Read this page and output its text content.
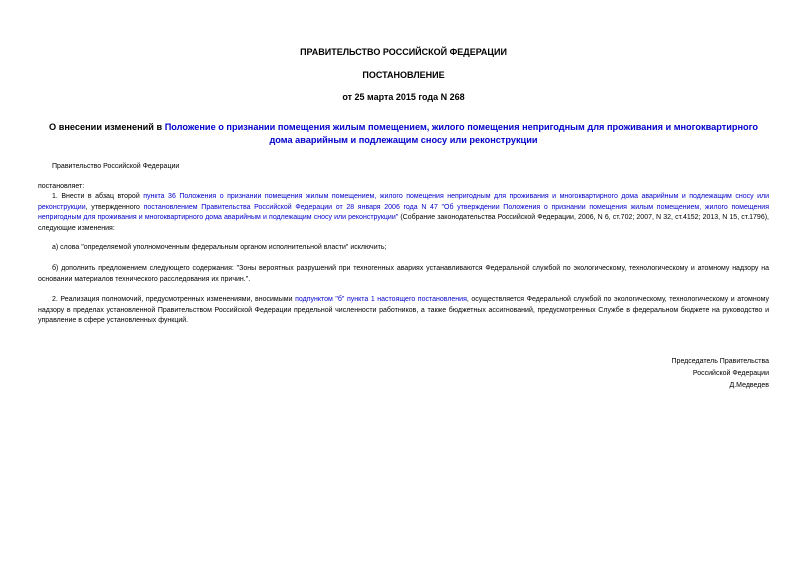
ПРАВИТЕЛЬСТВО РОССИЙСКОЙ ФЕДЕРАЦИИ
ПОСТАНОВЛЕНИЕ
от 25 марта 2015 года N 268
О внесении изменений в Положение о признании помещения жилым помещением, жилого помещения непригодным для проживания и многоквартирного дома аварийным и подлежащим сносу или реконструкции
Правительство Российской Федерации
постановляет:
1. Внести в абзац второй пункта 36 Положения о признании помещения жилым помещением, жилого помещения непригодным для проживания и многоквартирного дома аварийным и подлежащим сносу или реконструкции, утвержденного постановлением Правительства Российской Федерации от 28 января 2006 года N 47 "Об утверждении Положения о признании помещения жилым помещением, жилого помещения непригодным для проживания и многоквартирного дома аварийным и подлежащим сносу или реконструкции" (Собрание законодательства Российской Федерации, 2006, N 6, ст.702; 2007, N 32, ст.4152; 2013, N 15, ст.1796), следующие изменения:
а) слова "определяемой уполномоченным федеральным органом исполнительной власти" исключить;
б) дополнить предложением следующего содержания: "Зоны вероятных разрушений при техногенных авариях устанавливаются Федеральной службой по экологическому, технологическому и атомному надзору на основании материалов технического расследования их причин.".
2. Реализация полномочий, предусмотренных изменениями, вносимыми подпунктом "б" пункта 1 настоящего постановления, осуществляется Федеральной службой по экологическому, технологическому и атомному надзору в пределах установленной Правительством Российской Федерации предельной численности работников, а также бюджетных ассигнований, предусмотренных Службе в федеральном бюджете на руководство и управление в сфере установленных функций.
Председатель Правительства
Российской Федерации
Д.Медведев
